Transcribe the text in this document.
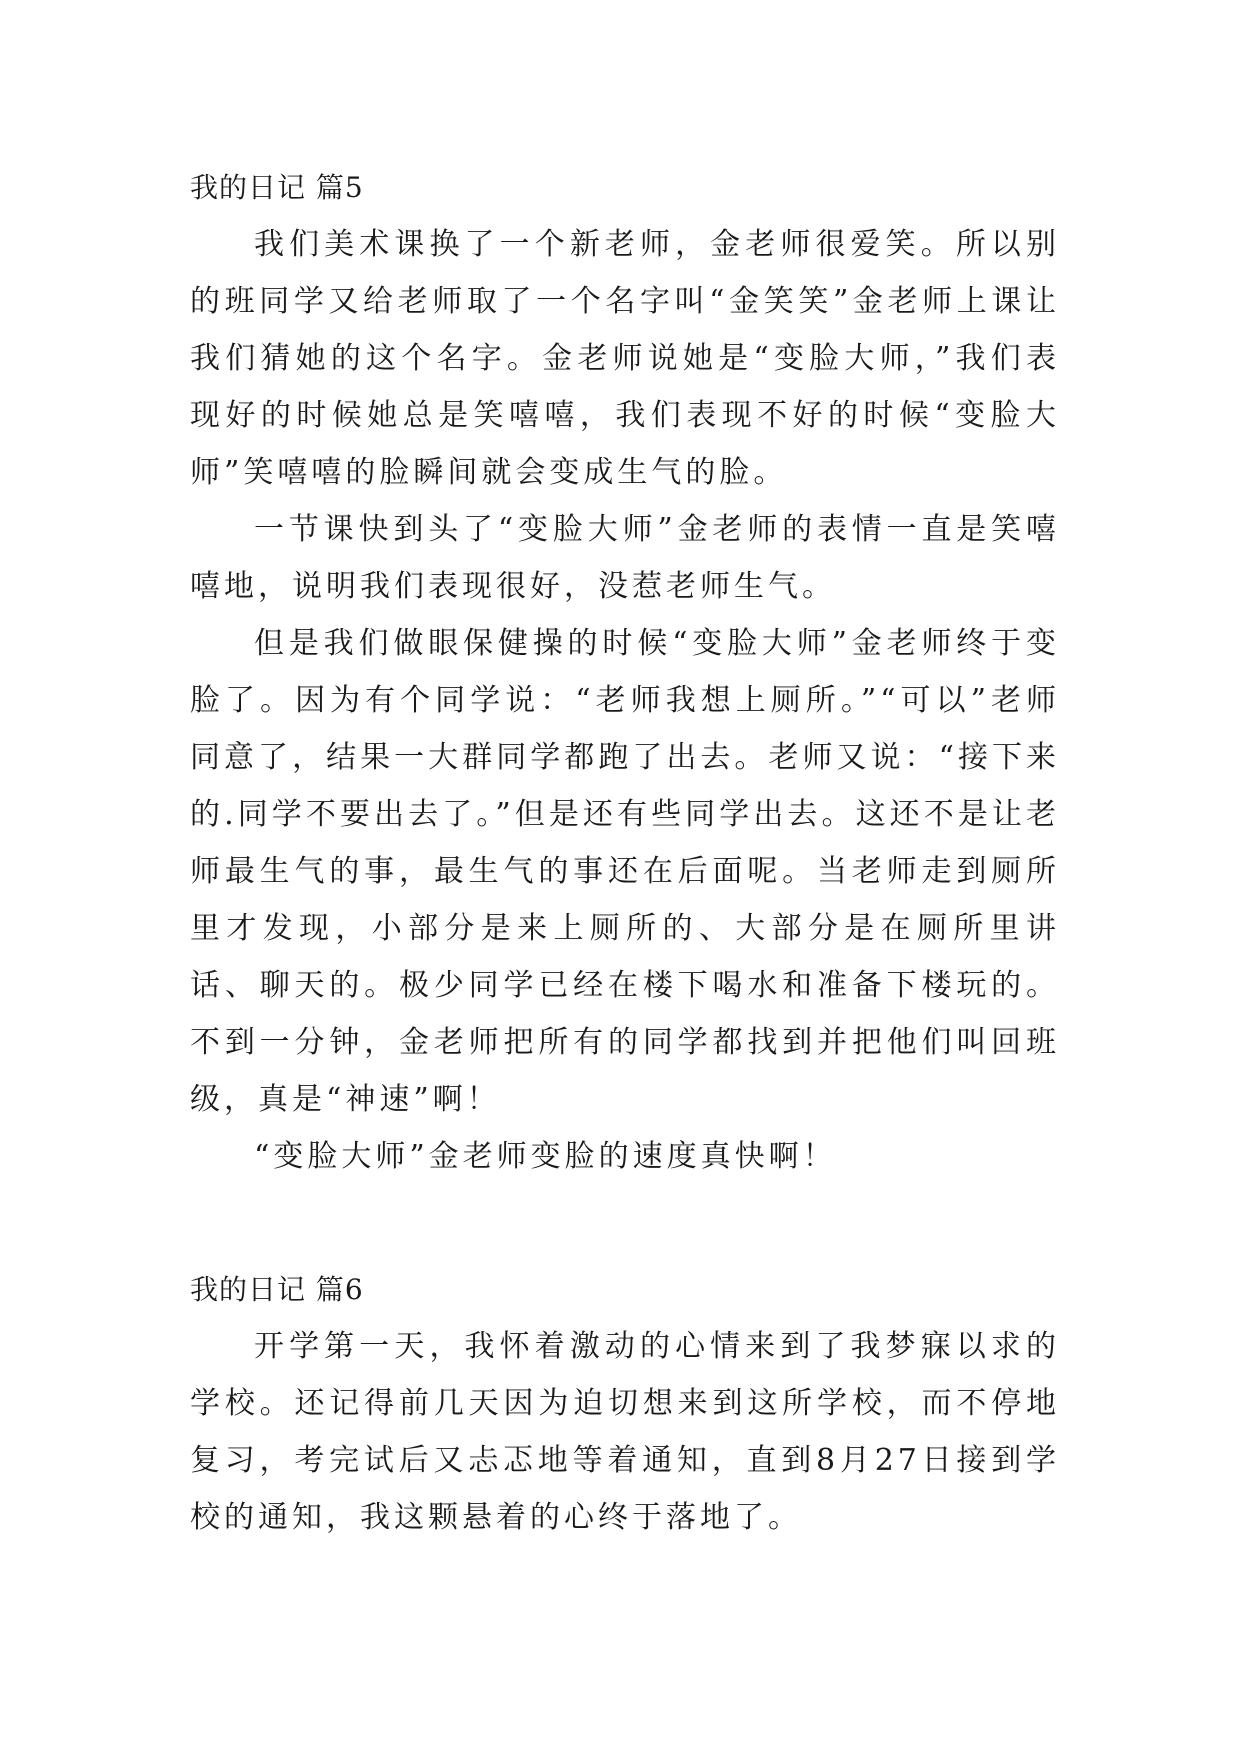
我的日记 篇5

我们美术课换了一个新老师，金老师很爱笑。所以别的班同学又给老师取了一个名字叫“金笑笑”金老师上课让我们猜她的这个名字。金老师说她是“变脸大师，”我们表现好的时候她总是笑嘻嘻，我们表现不好的时候“变脸大师”笑嘻嘻的脸瞬间就会变成生气的脸。

一节课快到头了“变脸大师”金老师的表情一直是笑嘻嘻地，说明我们表现很好，没惹老师生气。

但是我们做眼保健操的时候“变脸大师”金老师终于变脸了。因为有个同学说：“老师我想上厕所。”“可以”老师同意了，结果一大群同学都跑了出去。老师又说：“接下来的.同学不要出去了。”但是还有些同学出去。这还不是让老师最生气的事，最生气的事还在后面呢。当老师走到厕所里才发现，小部分是来上厕所的、大部分是在厕所里讲话、聊天的。极少同学已经在楼下喝水和准备下楼玩的。不到一分钟，金老师把所有的同学都找到并把他们叫回班级，真是“神速”啊！

“变脸大师”金老师变脸的速度真快啊！

我的日记 篇6

开学第一天，我怀着激动的心情来到了我梦寐以求的学校。还记得前几天因为迫切想来到这所学校，而不停地复习，考完试后又忐忑地等着通知，直到8月27日接到学校的通知，我这颗悬着的心终于落地了。
